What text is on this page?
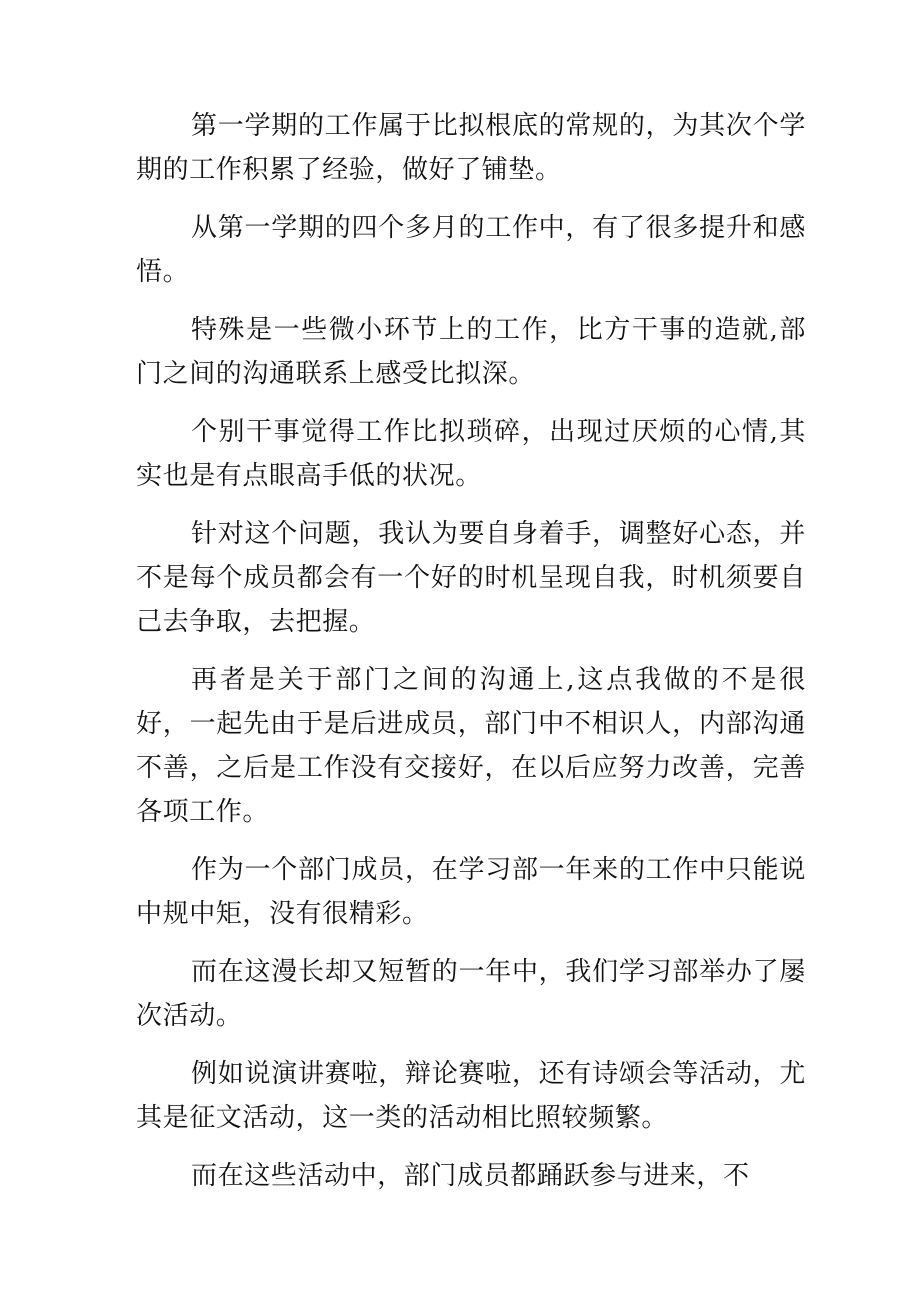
第一学期的工作属于比拟根底的常规的，为其次个学期的工作积累了经验，做好了铺垫。

从第一学期的四个多月的工作中，有了很多提升和感悟。

特殊是一些微小环节上的工作，比方干事的造就,部门之间的沟通联系上感受比拟深。

个别干事觉得工作比拟琐碎，出现过厌烦的心情,其实也是有点眼高手低的状况。

针对这个问题，我认为要自身着手，调整好心态，并不是每个成员都会有一个好的时机呈现自我，时机须要自己去争取，去把握。

再者是关于部门之间的沟通上,这点我做的不是很好，一起先由于是后进成员，部门中不相识人，内部沟通不善，之后是工作没有交接好，在以后应努力改善，完善各项工作。

作为一个部门成员，在学习部一年来的工作中只能说中规中矩，没有很精彩。

而在这漫长却又短暂的一年中，我们学习部举办了屡次活动。

例如说演讲赛啦，辩论赛啦，还有诗颂会等活动，尤其是征文活动，这一类的活动相比照较频繁。

而在这些活动中，部门成员都踊跃参与进来，不
